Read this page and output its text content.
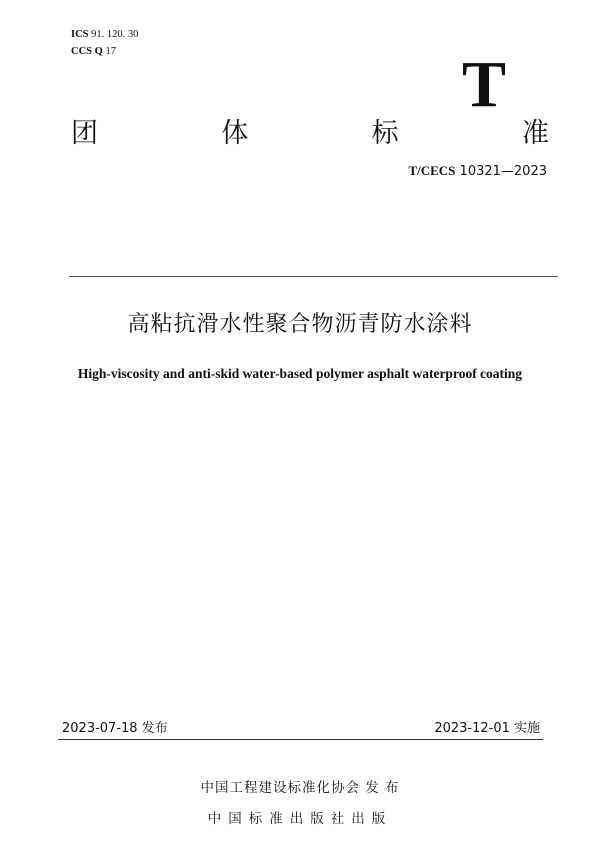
ICS 91. 120. 30
CCS Q 17	T
团	体	标	准
T/CECS 10321—2023
高粘抗滑水性聚合物沥青防水涂料
High-viscosity and anti-skid water-based polymer asphalt waterproof coating
2023-07-18 发布	2023-12-01 实施
中国工程建设标准化协会 发 布
中国标准出版社出版
